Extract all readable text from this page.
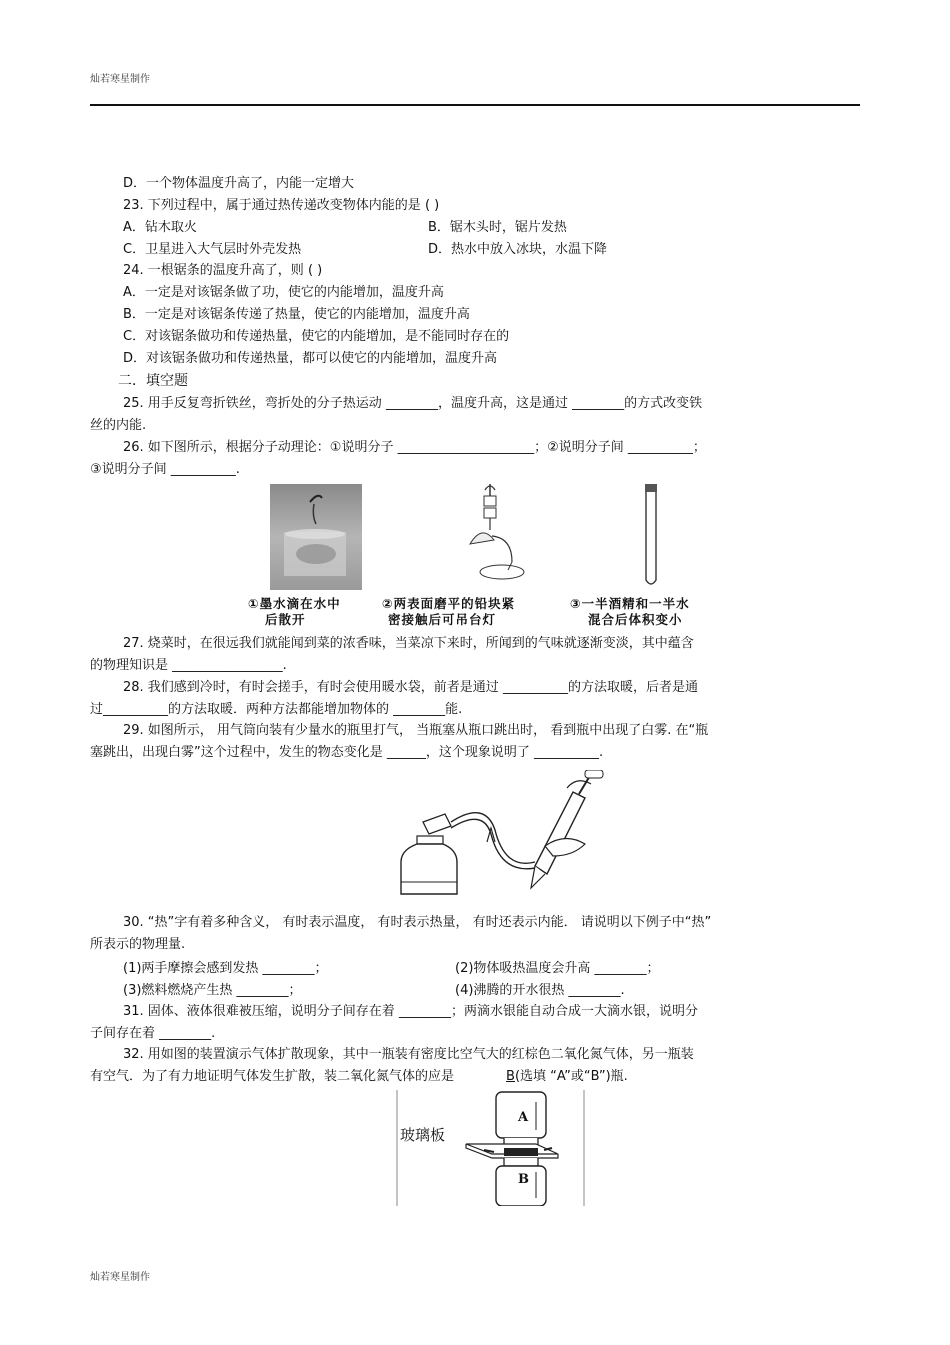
灿若寒星制作
D．一个物体温度升高了，内能一定增大
23. 下列过程中，属于通过热传递改变物体内能的是 ( )
A．钻木取火	B．锯木头时，锯片发热
C．卫星进入大气层时外壳发热	D．热水中放入冰块，水温下降
24. 一根锯条的温度升高了，则 ( )
A．一定是对该锯条做了功，使它的内能增加，温度升高
B．一定是对该锯条传递了热量，使它的内能增加，温度升高
C．对该锯条做功和传递热量，使它的内能增加，是不能同时存在的
D．对该锯条做功和传递热量，都可以使它的内能增加，温度升高
二．填空题
25. 用手反复弯折铁丝，弯折处的分子热运动 ________，温度升高，这是通过 ________的方式改变铁
丝的内能.
26. 如下图所示，根据分子动理论：①说明分子 _____________________；②说明分子间 __________；
③说明分子间 __________.
①墨水滴在水中
后散开
②两表面磨平的铅块紧
密接触后可吊台灯
③一半酒精和一半水
混合后体积变小
27. 烧菜时，在很远我们就能闻到菜的浓香味，当菜凉下来时，所闻到的气味就逐渐变淡，其中蕴含
的物理知识是 _________________.
28. 我们感到冷时，有时会搓手，有时会使用暖水袋，前者是通过 __________的方法取暖，后者是通
过__________的方法取暖．两种方法都能增加物体的 ________能.
29. 如图所示， 用气筒向装有少量水的瓶里打气， 当瓶塞从瓶口跳出时， 看到瓶中出现了白雾. 在“瓶
塞跳出，出现白雾”这个过程中，发生的物态变化是 ______，这个现象说明了 __________.
30. “热”字有着多种含义， 有时表示温度， 有时表示热量， 有时还表示内能． 请说明以下例子中“热”
所表示的物理量.
(1)两手摩擦会感到发热 ________；	(2)物体吸热温度会升高 ________；
(3)燃料燃烧产生热 ________；	(4)沸腾的开水很热 ________.
31. 固体、液体很难被压缩，说明分子间存在着 ________；两滴水银能自动合成一大滴水银，说明分
子间存在着 ________.
32. 用如图的装置演示气体扩散现象，其中一瓶装有密度比空气大的红棕色二氧化氮气体，另一瓶装
有空气．为了有力地证明气体发生扩散，装二氧化氮气体的应是	B(选填 “A”或“B”)瓶.
A
B
玻璃板
灿若寒星制作
